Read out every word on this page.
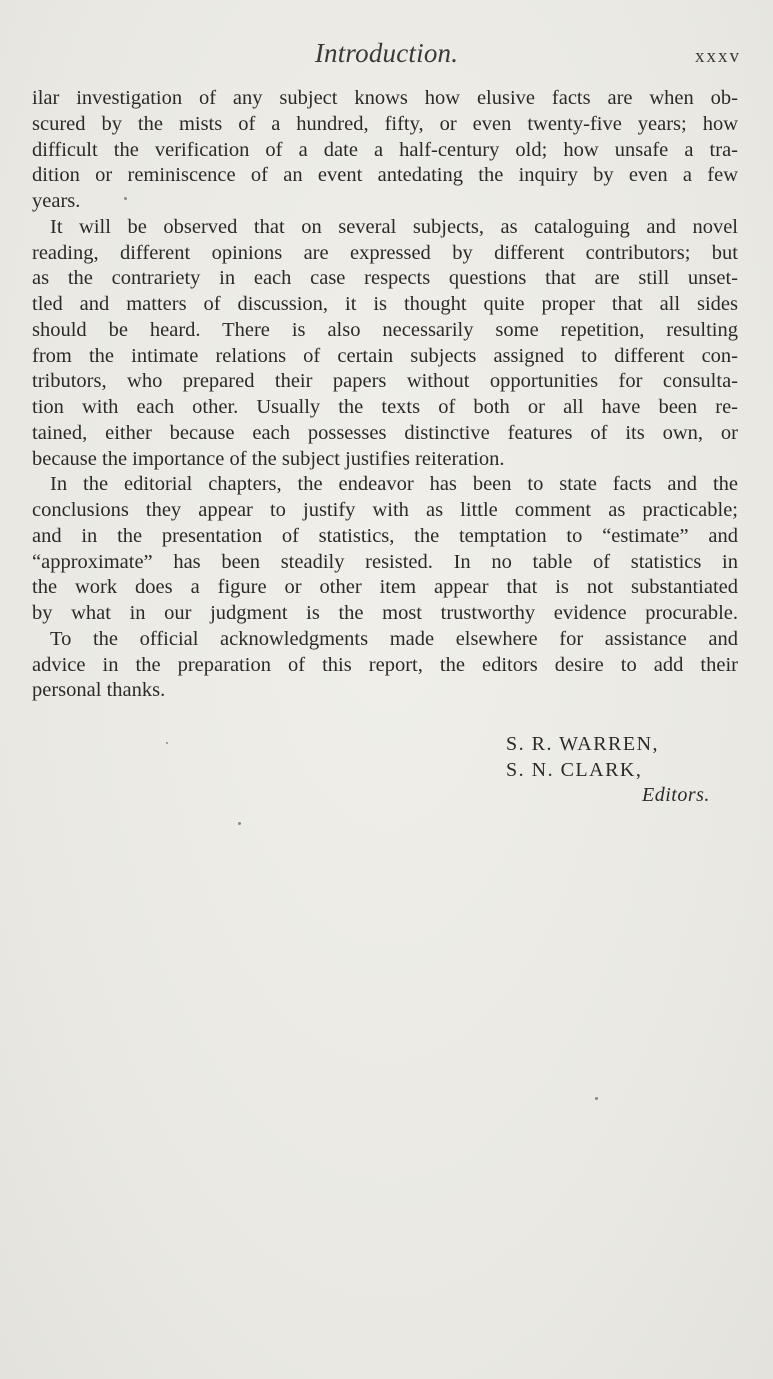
Introduction.	xxxv
ilar investigation of any subject knows how elusive facts are when ob-
scured by the mists of a hundred, fifty, or even twenty-five years; how
difficult the verification of a date a half-century old; how unsafe a tra-
dition or reminiscence of an event antedating the inquiry by even a few
years.
It will be observed that on several subjects, as cataloguing and novel
reading, different opinions are expressed by different contributors; but
as the contrariety in each case respects questions that are still unset-
tled and matters of discussion, it is thought quite proper that all sides
should be heard. There is also necessarily some repetition, resulting
from the intimate relations of certain subjects assigned to different con-
tributors, who prepared their papers without opportunities for consulta-
tion with each other. Usually the texts of both or all have been re-
tained, either because each possesses distinctive features of its own, or
because the importance of the subject justifies reiteration.
In the editorial chapters, the endeavor has been to state facts and the
conclusions they appear to justify with as little comment as practicable;
and in the presentation of statistics, the temptation to “estimate” and
“approximate” has been steadily resisted. In no table of statistics in
the work does a figure or other item appear that is not substantiated
by what in our judgment is the most trustworthy evidence procurable.
To the official acknowledgments made elsewhere for assistance and
advice in the preparation of this report, the editors desire to add their
personal thanks.
S. R. WARREN,
S. N. CLARK,
Editors.
